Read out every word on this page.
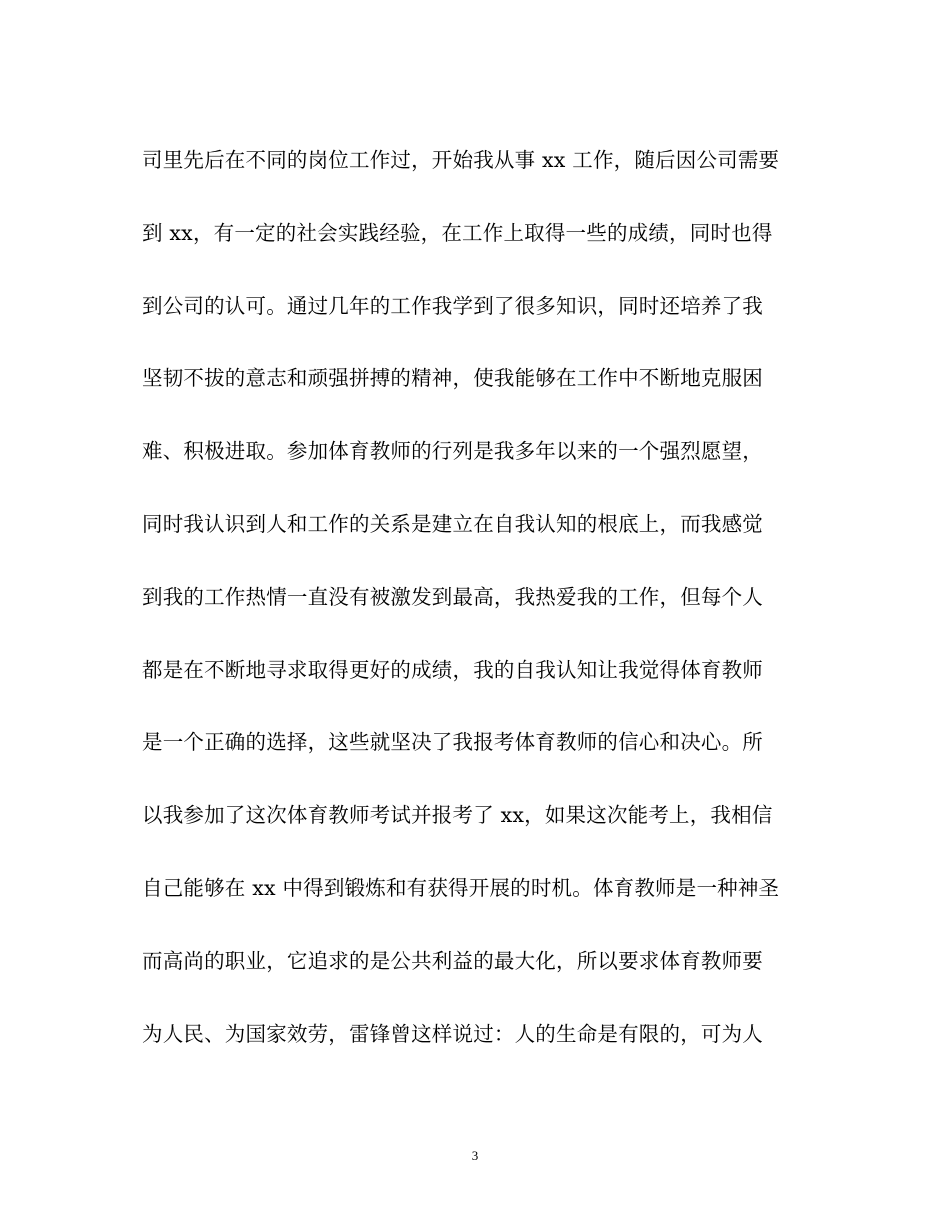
司里先后在不同的岗位工作过，开始我从事 xx 工作，随后因公司需要
到 xx，有一定的社会实践经验，在工作上取得一些的成绩，同时也得
到公司的认可。通过几年的工作我学到了很多知识，同时还培养了我
坚韧不拔的意志和顽强拼搏的精神，使我能够在工作中不断地克服困
难、积极进取。参加体育教师的行列是我多年以来的一个强烈愿望，
同时我认识到人和工作的关系是建立在自我认知的根底上，而我感觉
到我的工作热情一直没有被激发到最高，我热爱我的工作，但每个人
都是在不断地寻求取得更好的成绩，我的自我认知让我觉得体育教师
是一个正确的选择，这些就坚决了我报考体育教师的信心和决心。所
以我参加了这次体育教师考试并报考了 xx，如果这次能考上，我相信
自己能够在 xx 中得到锻炼和有获得开展的时机。体育教师是一种神圣
而高尚的职业，它追求的是公共利益的最大化，所以要求体育教师要
为人民、为国家效劳，雷锋曾这样说过：人的生命是有限的，可为人
3
